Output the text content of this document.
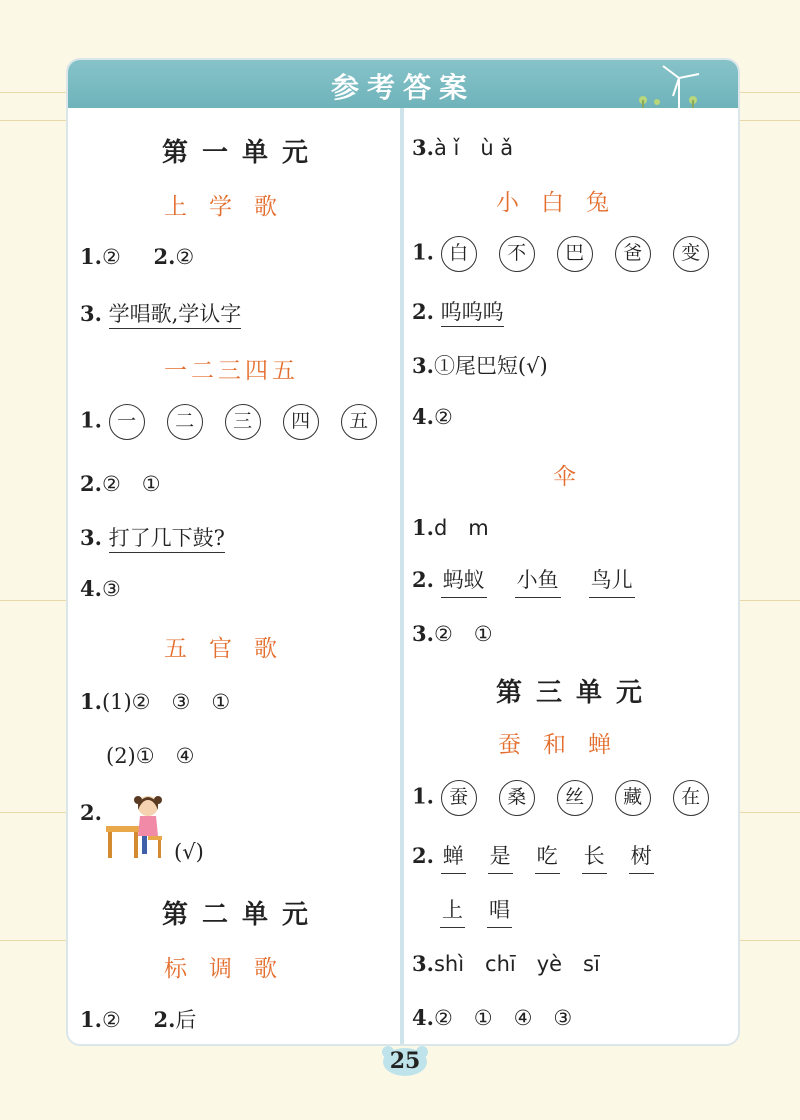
参考答案
第一单元
上学歌
1.② 2.②
3. 学唱歌,学认字
一二三四五
1. 一 二 三 四 五
2.②　①
3. 打了几下鼓?
4.③
五官歌
1.(1)②　③　①
(2)①　④
2.
(√)
第二单元
标调歌
1.② 2.后
3.à ǐ　ù ǎ
小白兔
1. 白 不 巴 爸 变
2. 呜呜呜
3.①尾巴短(√)
4.②
伞
1.d　m
2. 蚂蚁 小鱼 鸟儿
3.②　①
第三单元
蚕和蝉
1. 蚕 桑 丝 藏 在
2. 蝉 是 吃 长 树
上 唱
3.shì　chī　yè　sī
4.②　①　④　③
25
